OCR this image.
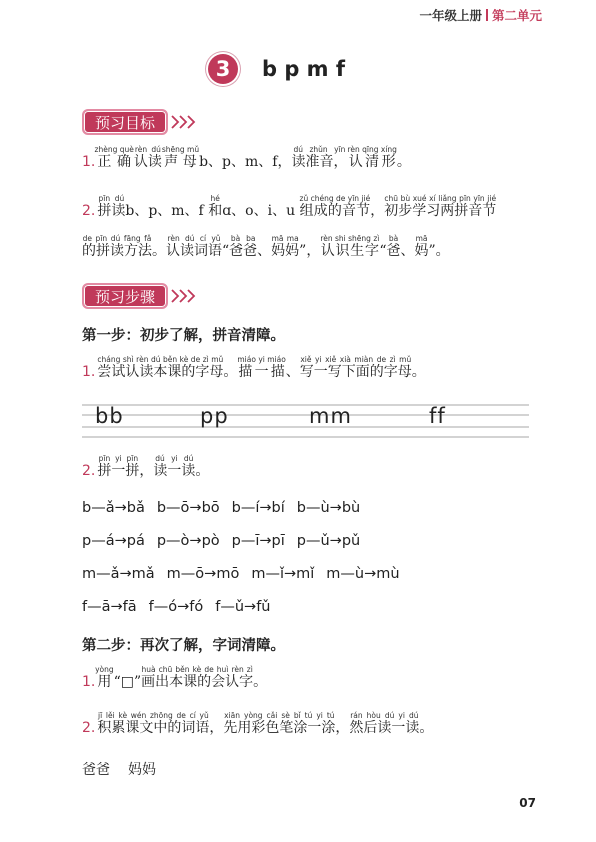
一年级上册 第二单元
3	b p m f
预习目标
1.正确zhèng què认读rèn dú声母shēng mǔb、p、m、f，读准音，dú zhǔn yīn认清形rèn qīng xíng。
2. 拼读pīn dúb、p、m、f 和héɑ、o、i、u 组成的音节zǔ chéng de yīn jié，初步学习两拼音节chū bù xué xí liǎng pīn yīn jié
的拼读方法de pīn dú fāng fǎ。认读词语rèn dú cí yǔ“爸爸bà ba、妈妈mā ma”，认识生字rèn shi shēng zì“爸bà、妈mā”。
预习步骤
第一步：初步了解，拼音清障。
1. 尝试认读本课的字母cháng shì rèn dú běn kè de zì mǔ。描一描miáo yi miáo、写一写下面的字母xiě yi xiě xià miàn de zì mǔ。
bb	pp	mm	ff
2. 拼一拼pīn yi pīn，读一读dú yi dú。
b—ǎ→bǎ b—ō→bō b—í→bí b—ù→bù
p—á→pá p—ò→pò p—ī→pī p—ǔ→pǔ
m—ǎ→mǎ m—ō→mō m—ǐ→mǐ m—ù→mù
f—ā→fā f—ó→fó f—ǔ→fǔ
第二步：再次了解，字词清障。
1.用yòng“□”画出本课的会认字huà chū běn kè de huì rèn zì。
2. 积累课文中的词语jī lěi kè wén zhōng de cí yǔ，先用彩色笔涂一涂xiān yòng cǎi sè bǐ tú yi tú，然后读一读rán hòu dú yi dú。
爸爸 妈妈
07
